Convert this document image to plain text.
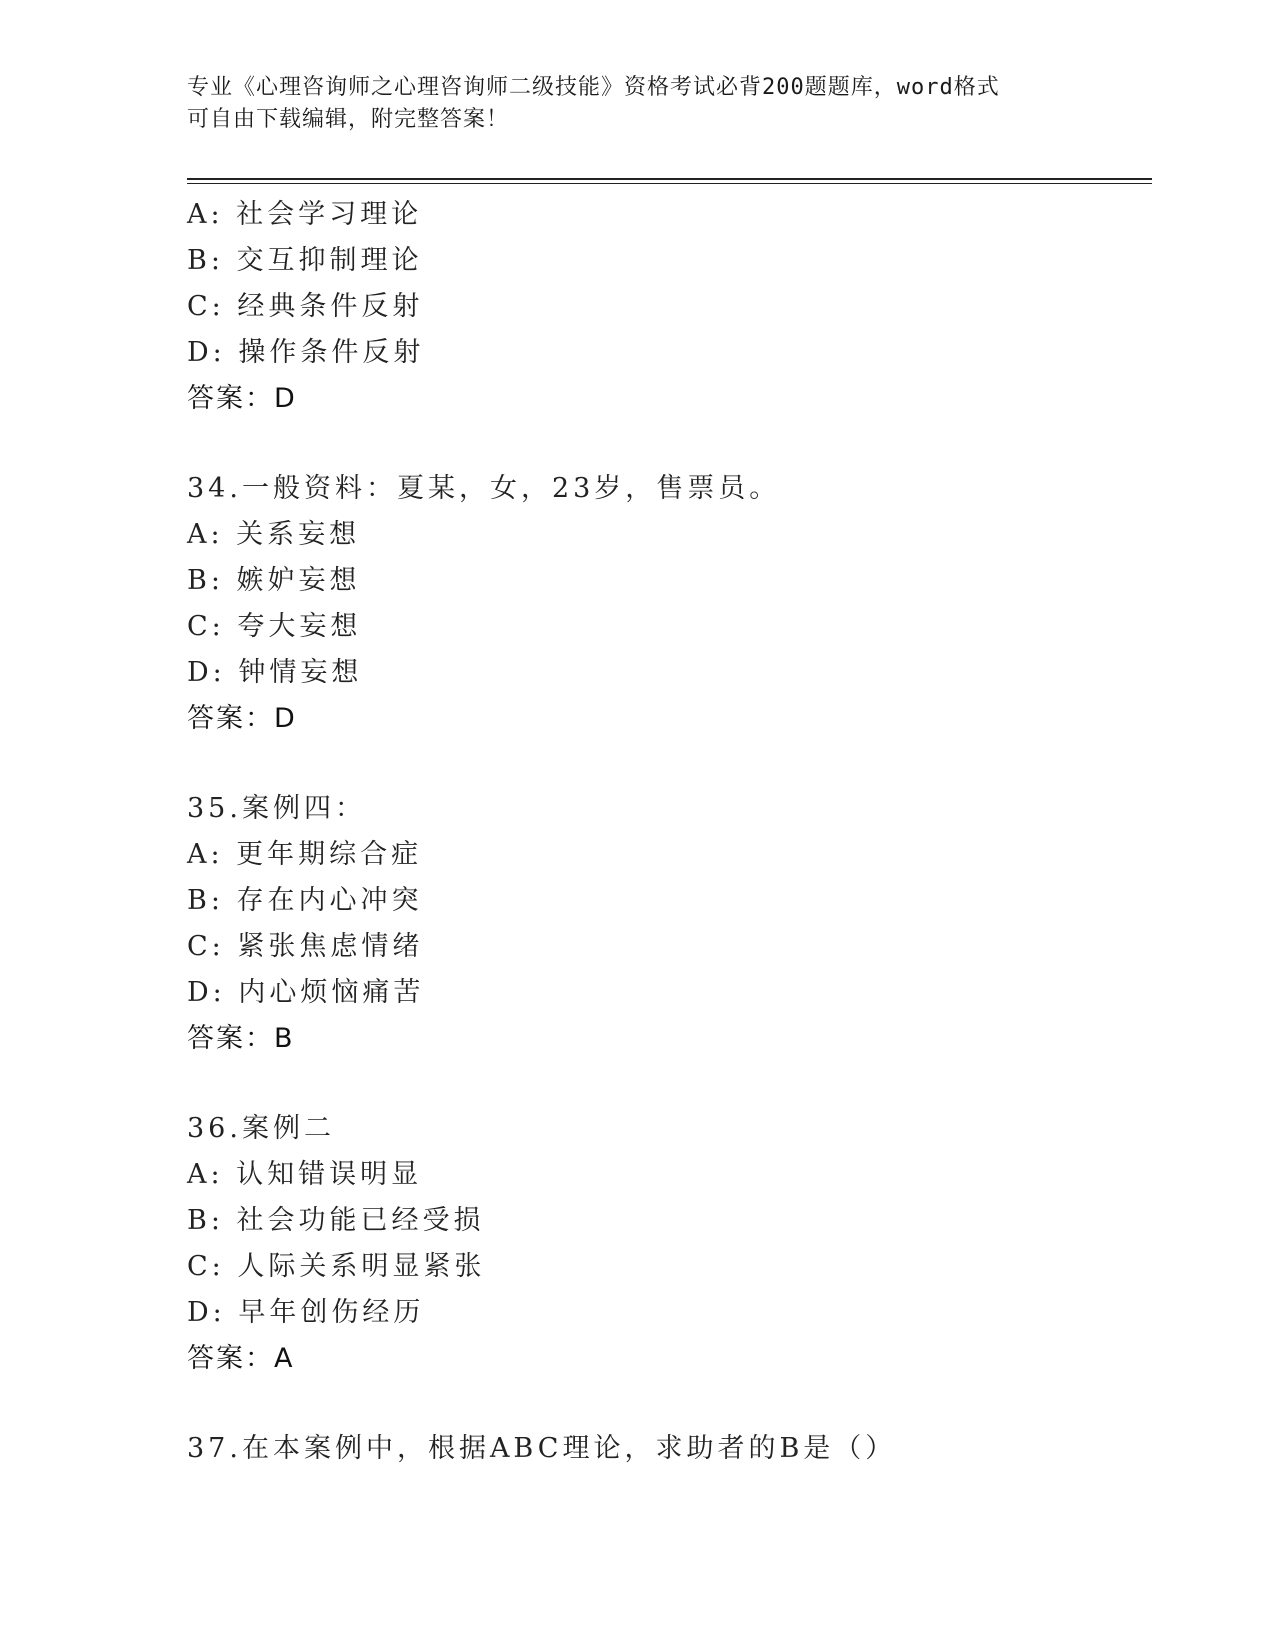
专业《心理咨询师之心理咨询师二级技能》资格考试必背200题题库，word格式
可自由下载编辑，附完整答案！
A: 社会学习理论
B: 交互抑制理论
C: 经典条件反射
D: 操作条件反射
答案：D
34.一般资料：夏某，女，23岁，售票员。
A: 关系妄想
B: 嫉妒妄想
C: 夸大妄想
D: 钟情妄想
答案：D
35.案例四：
A: 更年期综合症
B: 存在内心冲突
C: 紧张焦虑情绪
D: 内心烦恼痛苦
答案：B
36.案例二
A: 认知错误明显
B: 社会功能已经受损
C: 人际关系明显紧张
D: 早年创伤经历
答案：A
37.在本案例中，根据ABC理论，求助者的B是（）
